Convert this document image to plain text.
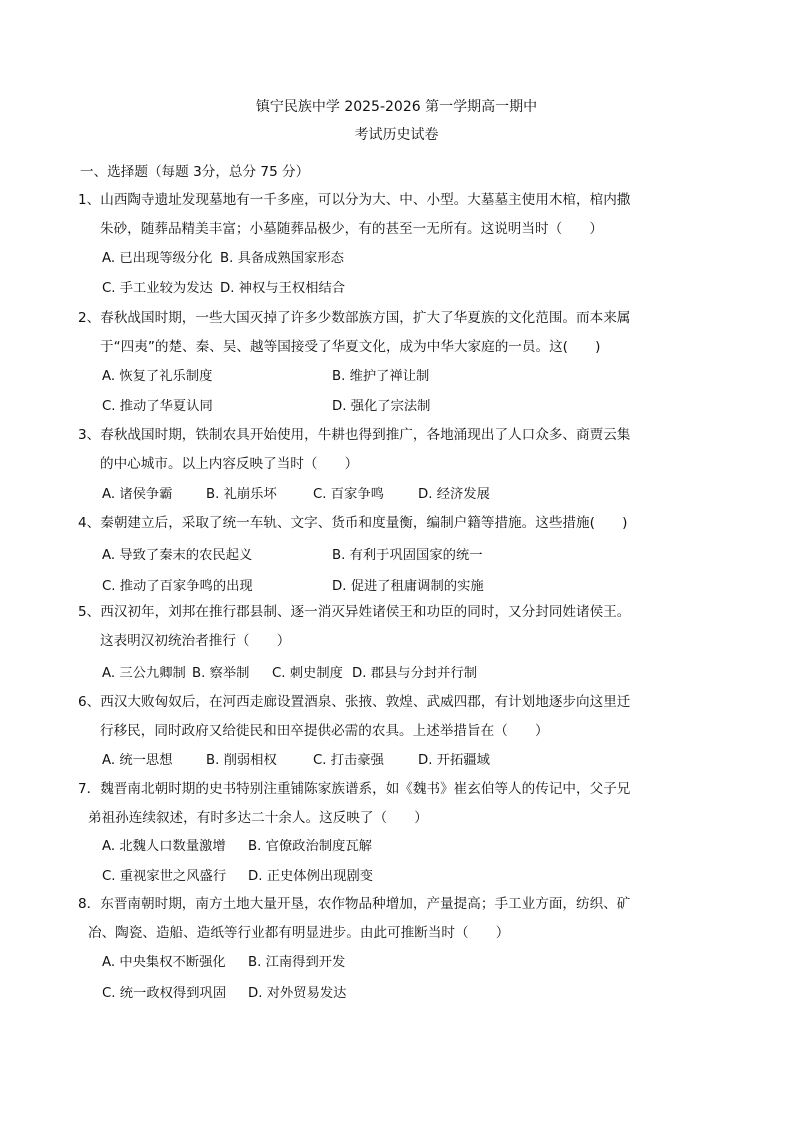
镇宁民族中学 2025-2026 第一学期高一期中
考试历史试卷
一、选择题（每题 3分，总分 75 分）
1、山西陶寺遗址发现墓地有一千多座，可以分为大、中、小型。大墓墓主使用木棺，棺内撒
朱砂，随葬品精美丰富；小墓随葬品极少，有的甚至一无所有。这说明当时（　　）
A. 已出现等级分化 B. 具备成熟国家形态
C. 手工业较为发达 D. 神权与王权相结合
2、春秋战国时期，一些大国灭掉了许多少数部族方国，扩大了华夏族的文化范围。而本来属
于“四夷”的楚、秦、吴、越等国接受了华夏文化，成为中华大家庭的一员。这(　　)
A. 恢复了礼乐制度	B. 维护了禅让制
C. 推动了华夏认同	D. 强化了宗法制
3、春秋战国时期，铁制农具开始使用，牛耕也得到推广，各地涌现出了人口众多、商贾云集
的中心城市。以上内容反映了当时（　　）
A. 诸侯争霸	B. 礼崩乐坏	C. 百家争鸣	D. 经济发展
4、秦朝建立后，采取了统一车轨、文字、货币和度量衡，编制户籍等措施。这些措施(　　)
A. 导致了秦末的农民起义	B. 有利于巩固国家的统一
C. 推动了百家争鸣的出现	D. 促进了租庸调制的实施
5、西汉初年，刘邦在推行郡县制、逐一消灭异姓诸侯王和功臣的同时，又分封同姓诸侯王。
这表明汉初统治者推行（　　）
A. 三公九卿制 B. 察举制 C. 刺史制度 D. 郡县与分封并行制
6、西汉大败匈奴后，在河西走廊设置酒泉、张掖、敦煌、武威四郡，有计划地逐步向这里迁
行移民，同时政府又给徙民和田卒提供必需的农具。上述举措旨在（　　）
A. 统一思想	B. 削弱相权	C. 打击豪强	D. 开拓疆域
7．魏晋南北朝时期的史书特别注重铺陈家族谱系，如《魏书》崔玄伯等人的传记中，父子兄
弟祖孙连续叙述，有时多达二十余人。这反映了（　　）
A. 北魏人口数量激增 B. 官僚政治制度瓦解
C. 重视家世之风盛行 D. 正史体例出现剧变
8．东晋南朝时期，南方土地大量开垦，农作物品种增加，产量提高；手工业方面，纺织、矿
冶、陶瓷、造船、造纸等行业都有明显进步。由此可推断当时（　　）
A. 中央集权不断强化 B. 江南得到开发
C. 统一政权得到巩固 D. 对外贸易发达
